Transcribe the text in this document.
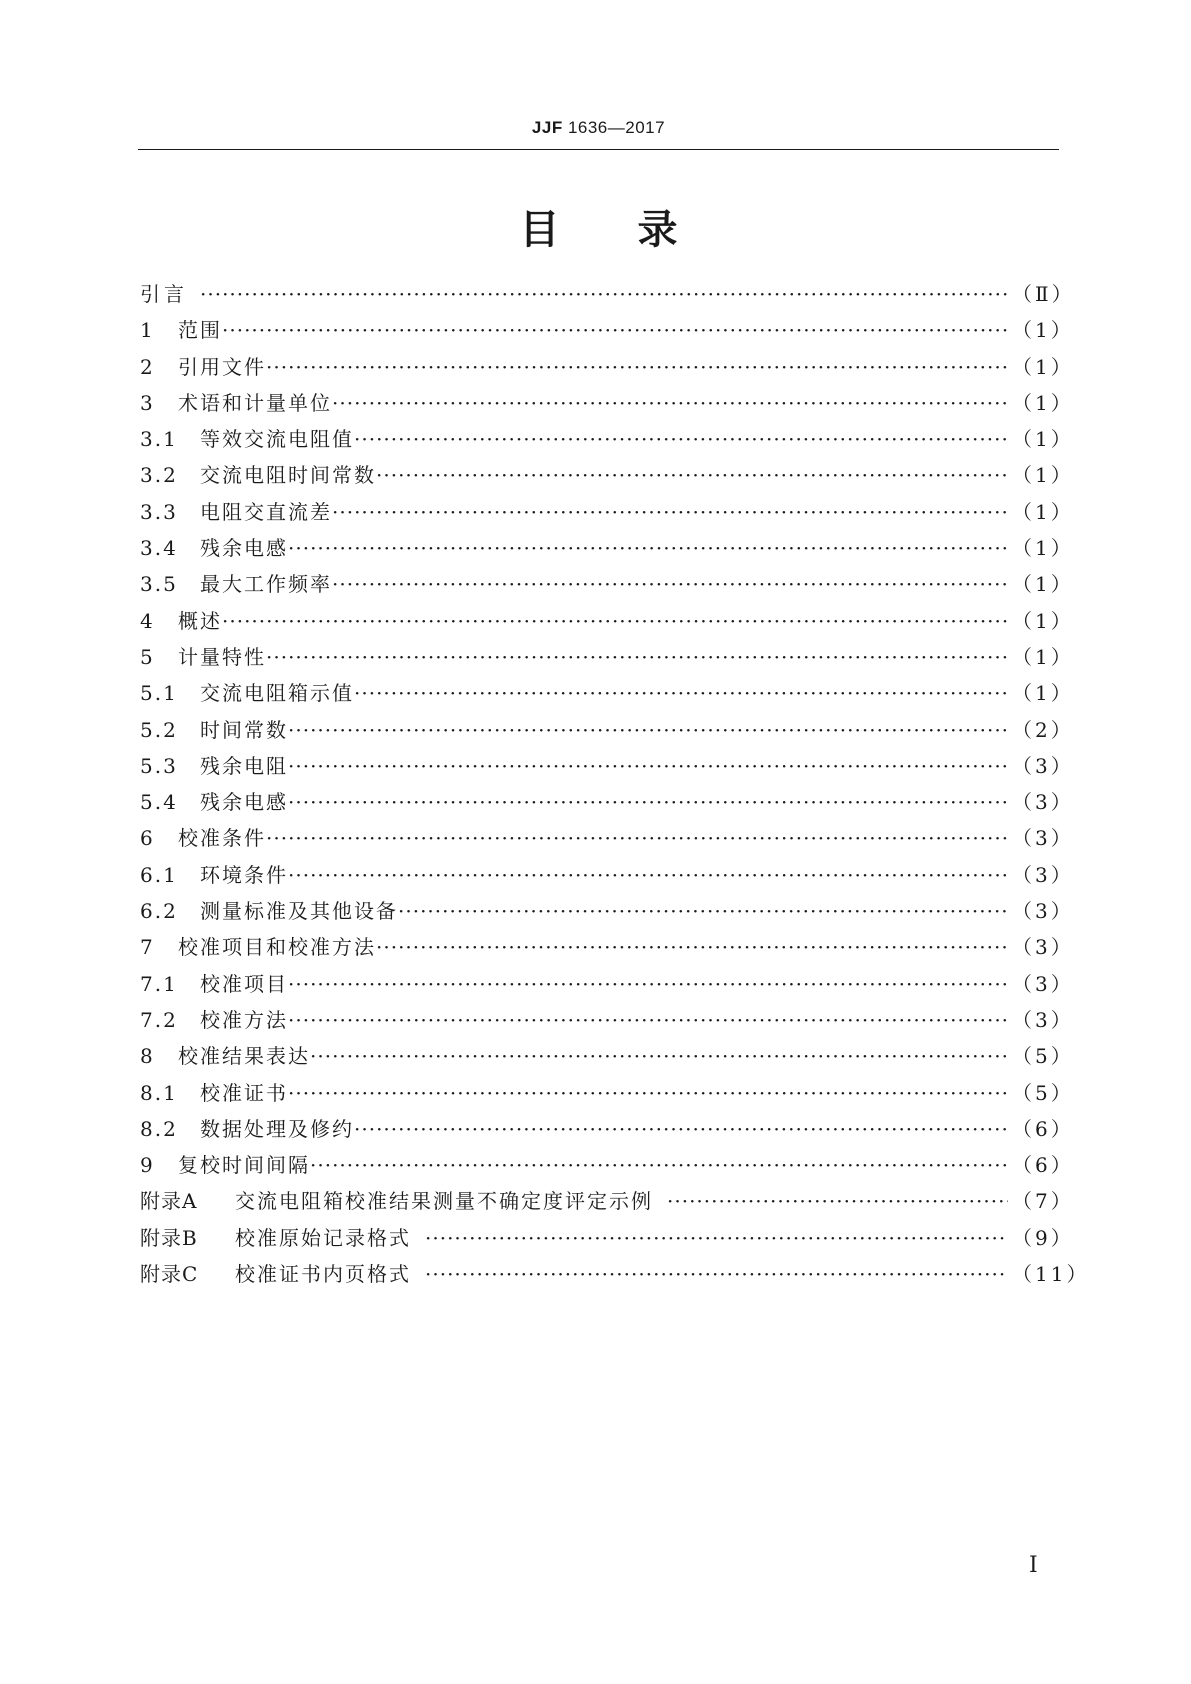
JJF 1636—2017
目录
引言 ·····	（Ⅱ）
1	范围 ·····	（1）
2	引用文件 ·····	（1）
3	术语和计量单位 ·····	（1）
3.1	等效交流电阻值 ·····	（1）
3.2	交流电阻时间常数 ·····	（1）
3.3	电阻交直流差 ·····	（1）
3.4	残余电感 ·····	（1）
3.5	最大工作频率 ·····	（1）
4	概述 ·····	（1）
5	计量特性 ·····	（1）
5.1	交流电阻箱示值 ·····	（1）
5.2	时间常数 ·····	（2）
5.3	残余电阻 ·····	（3）
5.4	残余电感 ·····	（3）
6	校准条件 ·····	（3）
6.1	环境条件 ·····	（3）
6.2	测量标准及其他设备 ·····	（3）
7	校准项目和校准方法 ·····	（3）
7.1	校准项目 ·····	（3）
7.2	校准方法 ·····	（3）
8	校准结果表达 ·····	（5）
8.1	校准证书 ·····	（5）
8.2	数据处理及修约 ·····	（6）
9	复校时间间隔 ·····	（6）
附录A	交流电阻箱校准结果测量不确定度评定示例 ·····	（7）
附录B	校准原始记录格式 ·····	（9）
附录C	校准证书内页格式 ·····	（11）
Ⅰ
